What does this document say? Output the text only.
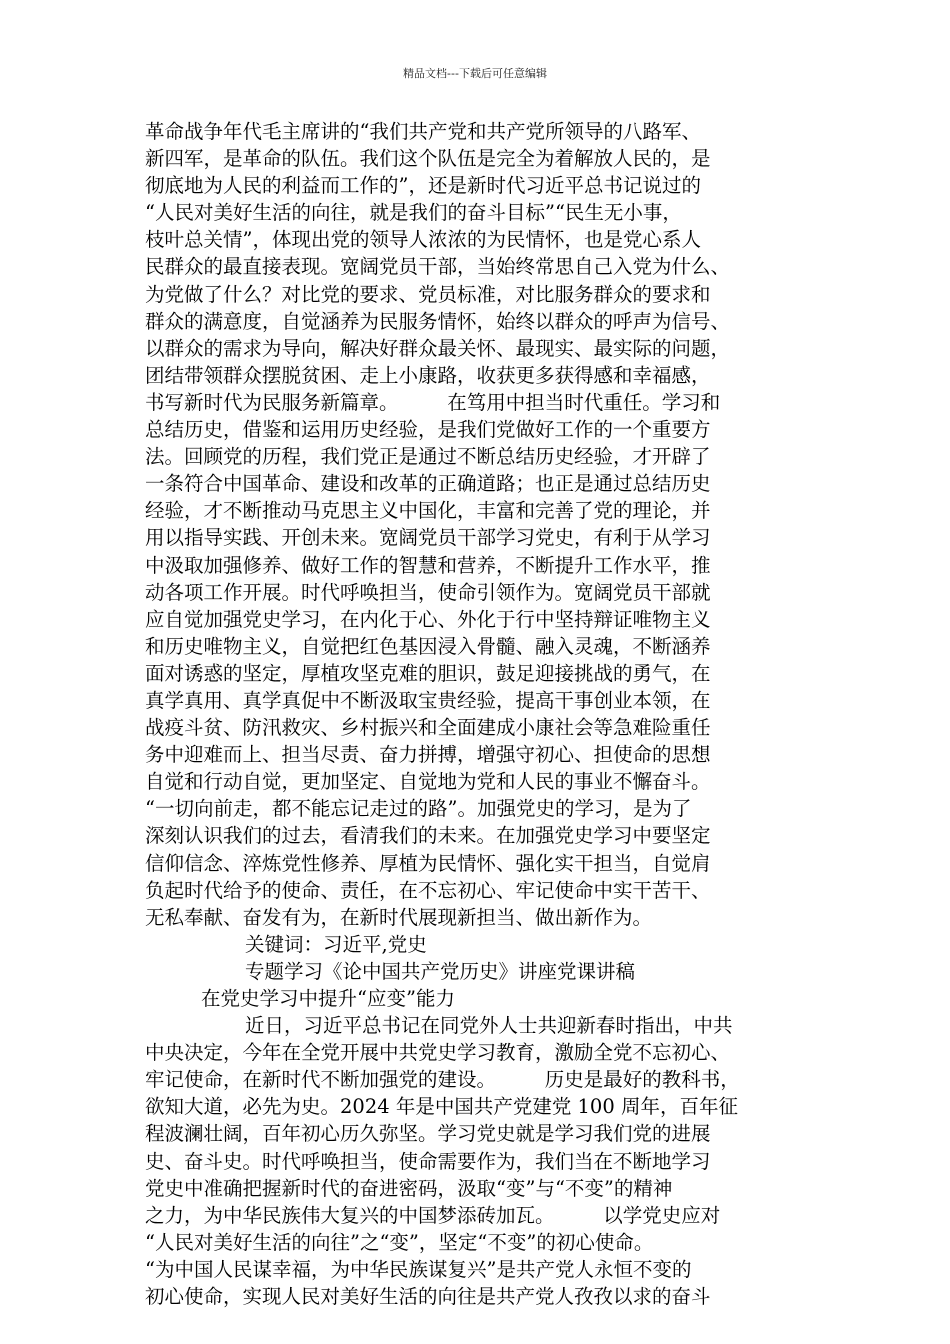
精品文档---下载后可任意编辑
革命战争年代毛主席讲的“我们共产党和共产党所领导的八路军、
新四军，是革命的队伍。我们这个队伍是完全为着解放人民的，是
彻底地为人民的利益而工作的”，还是新时代习近平总书记说过的
“人民对美好生活的向往，就是我们的奋斗目标”“民生无小事，
枝叶总关情”，体现出党的领导人浓浓的为民情怀，也是党心系人
民群众的最直接表现。宽阔党员干部，当始终常思自己入党为什么、
为党做了什么？对比党的要求、党员标准，对比服务群众的要求和
群众的满意度，自觉涵养为民服务情怀，始终以群众的呼声为信号、
以群众的需求为导向，解决好群众最关怀、最现实、最实际的问题，
团结带领群众摆脱贫困、走上小康路，收获更多获得感和幸福感，
书写新时代为民服务新篇章。　　　在笃用中担当时代重任。学习和
总结历史，借鉴和运用历史经验，是我们党做好工作的一个重要方
法。回顾党的历程，我们党正是通过不断总结历史经验，才开辟了
一条符合中国革命、建设和改革的正确道路；也正是通过总结历史
经验，才不断推动马克思主义中国化，丰富和完善了党的理论，并
用以指导实践、开创未来。宽阔党员干部学习党史，有利于从学习
中汲取加强修养、做好工作的智慧和营养，不断提升工作水平，推
动各项工作开展。时代呼唤担当，使命引领作为。宽阔党员干部就
应自觉加强党史学习，在内化于心、外化于行中坚持辩证唯物主义
和历史唯物主义，自觉把红色基因浸入骨髓、融入灵魂，不断涵养
面对诱惑的坚定，厚植攻坚克难的胆识，鼓足迎接挑战的勇气，在
真学真用、真学真促中不断汲取宝贵经验，提高干事创业本领，在
战疫斗贫、防汛救灾、乡村振兴和全面建成小康社会等急难险重任
务中迎难而上、担当尽责、奋力拼搏，增强守初心、担使命的思想
自觉和行动自觉，更加坚定、自觉地为党和人民的事业不懈奋斗。
“一切向前走，都不能忘记走过的路”。加强党史的学习，是为了
深刻认识我们的过去，看清我们的未来。在加强党史学习中要坚定
信仰信念、淬炼党性修养、厚植为民情怀、强化实干担当，自觉肩
负起时代给予的使命、责任，在不忘初心、牢记使命中实干苦干、
无私奉献、奋发有为，在新时代展现新担当、做出新作为。
关键词：习近平,党史
专题学习《论中国共产党历史》讲座党课讲稿
在党史学习中提升“应变”能力
近日，习近平总书记在同党外人士共迎新春时指出，中共
中央决定，今年在全党开展中共党史学习教育，激励全党不忘初心、
牢记使命，在新时代不断加强党的建设。　　　历史是最好的教科书，
欲知大道，必先为史。2024 年是中国共产党建党 100 周年，百年征
程波澜壮阔，百年初心历久弥坚。学习党史就是学习我们党的进展
史、奋斗史。时代呼唤担当，使命需要作为，我们当在不断地学习
党史中准确把握新时代的奋进密码，汲取“变”与“不变”的精神
之力，为中华民族伟大复兴的中国梦添砖加瓦。　　　以学党史应对
“人民对美好生活的向往”之“变”，坚定“不变”的初心使命。
“为中国人民谋幸福，为中华民族谋复兴”是共产党人永恒不变的
初心使命，实现人民对美好生活的向往是共产党人孜孜以求的奋斗
